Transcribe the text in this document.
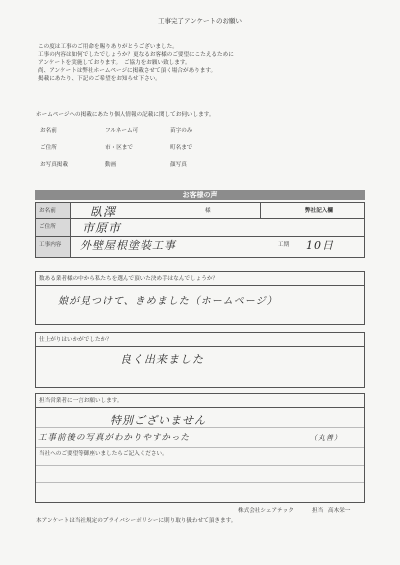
工事完了アンケートのお願い
この度は工事のご用命を賜りありがとうございました。
工事の内容は如何でしたでしょうか？更なるお客様のご要望にこたえるために
アンケートを実施しております。　ご協力をお願い致します。
尚、アンケートは弊社ホームページに掲載させて頂く場合があります。
掲載にあたり、下記のご希望をお知らせ下さい。
ホームページへの掲載にあたり個人情報の記載に関してお伺いします。
お名前	フルネーム可	苗字のみ
ご住所	市・区まで	町名まで
お写真掲載	動画	顔写真
お客様の声
お名前	臥澤	様	弊社記入欄
ご住所 市原市
工事内容 外壁屋根塗装工事	工期 10日
数ある業者様の中から私たちを選んで頂いた決め手はなんでしょうか？
娘が見つけて、きめました（ホームページ）
仕上がりはいかがでしたか？
良く出来ました
担当営業者に一言お願いします。
特別ございません
工事前後の写真がわかりやすかった	（丸善）
当社へのご要望等御座いましたらご記入ください。
株式会社シェアテック	担当 高木栄一
本アンケートは当社規定のプライバシーポリシーに則り取り扱わせて頂きます。
